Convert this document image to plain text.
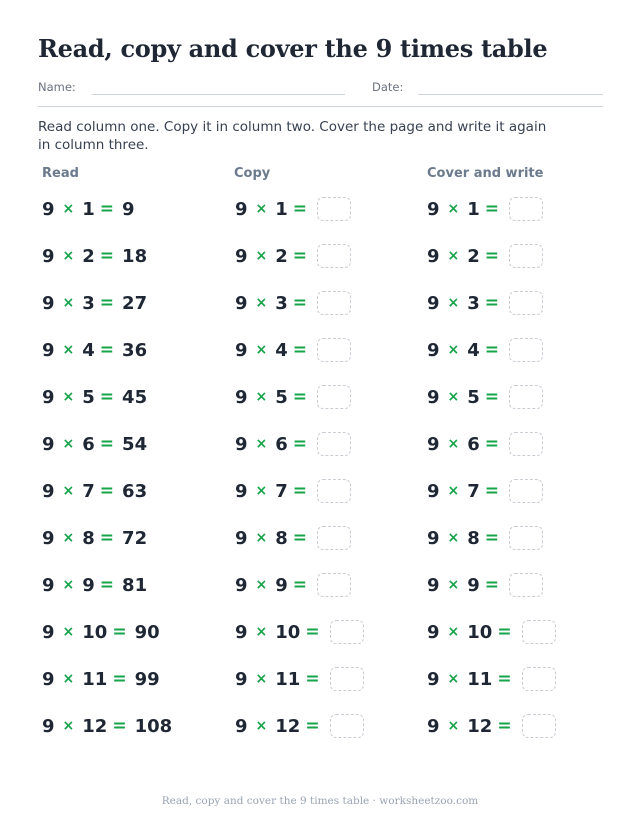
Read, copy and cover the 9 times table
Name:	Date:

Read column one. Copy it in column two. Cover the page and write it again in column three.

Read	Copy	Cover and write
9 × 1 = 9	9 × 1 =	9 × 1 =
9 × 2 = 18	9 × 2 =	9 × 2 =
9 × 3 = 27	9 × 3 =	9 × 3 =
9 × 4 = 36	9 × 4 =	9 × 4 =
9 × 5 = 45	9 × 5 =	9 × 5 =
9 × 6 = 54	9 × 6 =	9 × 6 =
9 × 7 = 63	9 × 7 =	9 × 7 =
9 × 8 = 72	9 × 8 =	9 × 8 =
9 × 9 = 81	9 × 9 =	9 × 9 =
9 × 10 = 90	9 × 10 =	9 × 10 =
9 × 11 = 99	9 × 11 =	9 × 11 =
9 × 12 = 108	9 × 12 =	9 × 12 =
Read, copy and cover the 9 times table · worksheetzoo.com
